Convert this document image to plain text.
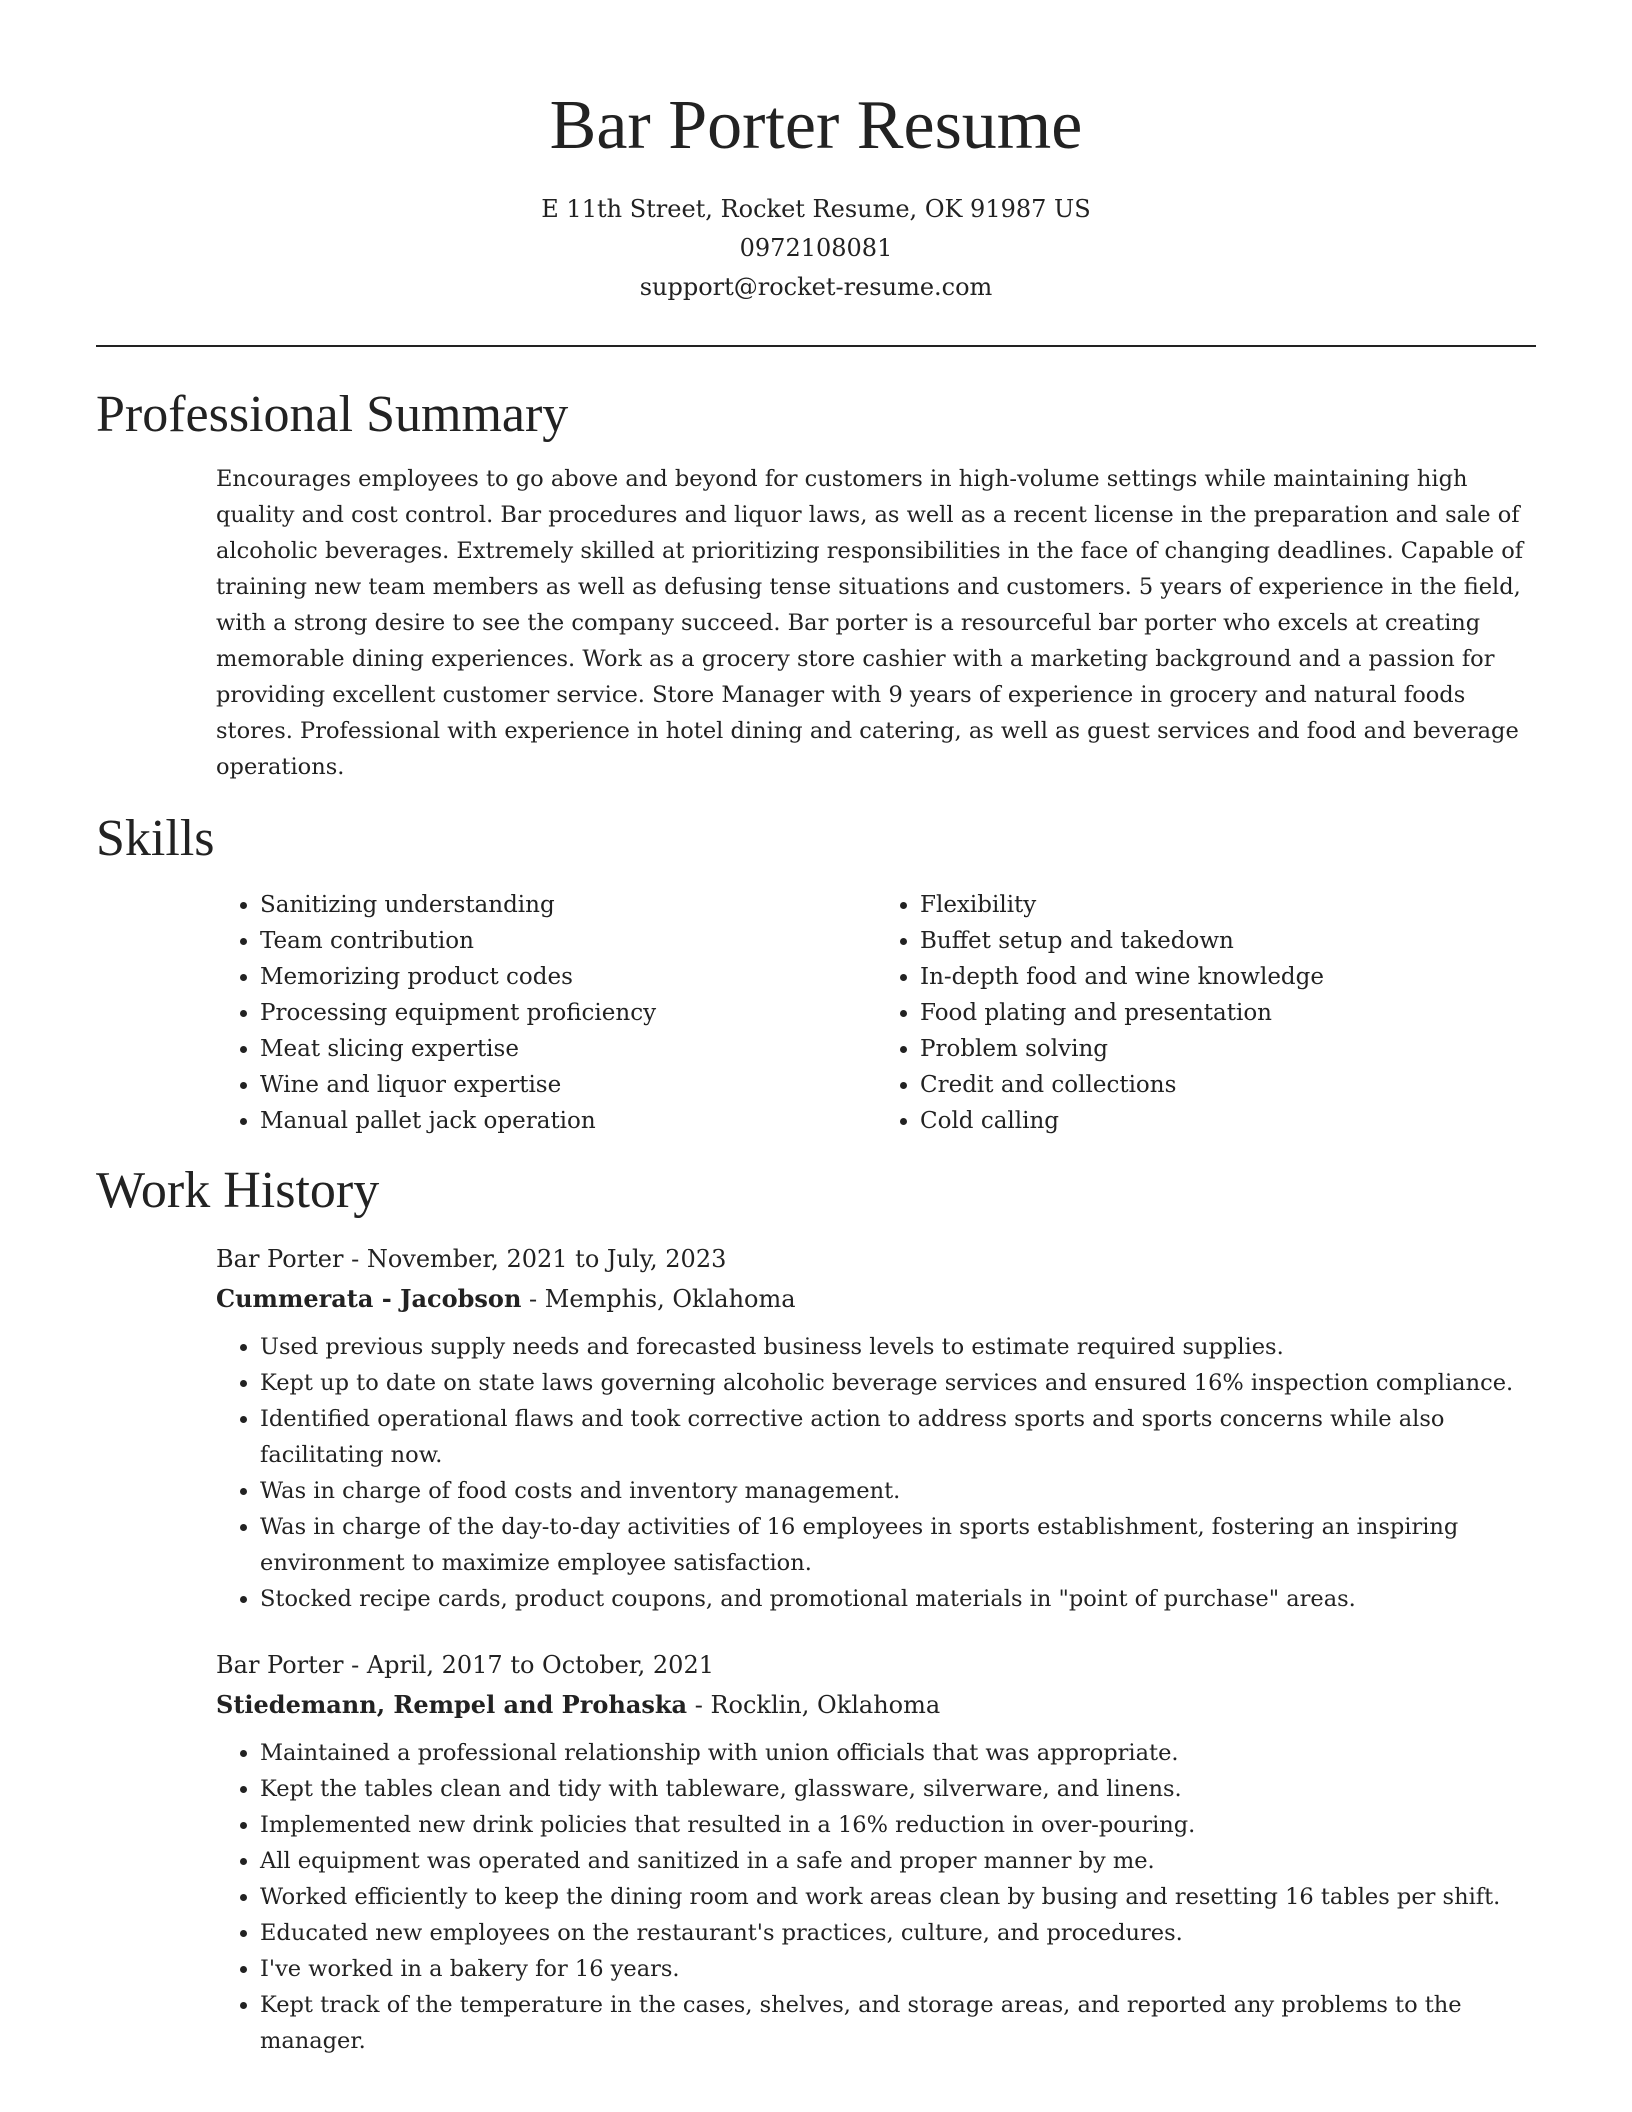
Bar Porter Resume
E 11th Street, Rocket Resume, OK 91987 US
0972108081
support@rocket-resume.com
Professional Summary
Encourages employees to go above and beyond for customers in high-volume settings while maintaining high quality and cost control. Bar procedures and liquor laws, as well as a recent license in the preparation and sale of alcoholic beverages. Extremely skilled at prioritizing responsibilities in the face of changing deadlines. Capable of training new team members as well as defusing tense situations and customers. 5 years of experience in the field, with a strong desire to see the company succeed. Bar porter is a resourceful bar porter who excels at creating memorable dining experiences. Work as a grocery store cashier with a marketing background and a passion for providing excellent customer service. Store Manager with 9 years of experience in grocery and natural foods stores. Professional with experience in hotel dining and catering, as well as guest services and food and beverage operations.
Skills
• Sanitizing understanding
• Team contribution
• Memorizing product codes
• Processing equipment proficiency
• Meat slicing expertise
• Wine and liquor expertise
• Manual pallet jack operation
• Flexibility
• Buffet setup and takedown
• In-depth food and wine knowledge
• Food plating and presentation
• Problem solving
• Credit and collections
• Cold calling
Work History
Bar Porter - November, 2021 to July, 2023
Cummerata - Jacobson - Memphis, Oklahoma
• Used previous supply needs and forecasted business levels to estimate required supplies.
• Kept up to date on state laws governing alcoholic beverage services and ensured 16% inspection compliance.
• Identified operational flaws and took corrective action to address sports and sports concerns while also facilitating now.
• Was in charge of food costs and inventory management.
• Was in charge of the day-to-day activities of 16 employees in sports establishment, fostering an inspiring environment to maximize employee satisfaction.
• Stocked recipe cards, product coupons, and promotional materials in "point of purchase" areas.
Bar Porter - April, 2017 to October, 2021
Stiedemann, Rempel and Prohaska - Rocklin, Oklahoma
• Maintained a professional relationship with union officials that was appropriate.
• Kept the tables clean and tidy with tableware, glassware, silverware, and linens.
• Implemented new drink policies that resulted in a 16% reduction in over-pouring.
• All equipment was operated and sanitized in a safe and proper manner by me.
• Worked efficiently to keep the dining room and work areas clean by busing and resetting 16 tables per shift.
• Educated new employees on the restaurant's practices, culture, and procedures.
• I've worked in a bakery for 16 years.
• Kept track of the temperature in the cases, shelves, and storage areas, and reported any problems to the manager.
